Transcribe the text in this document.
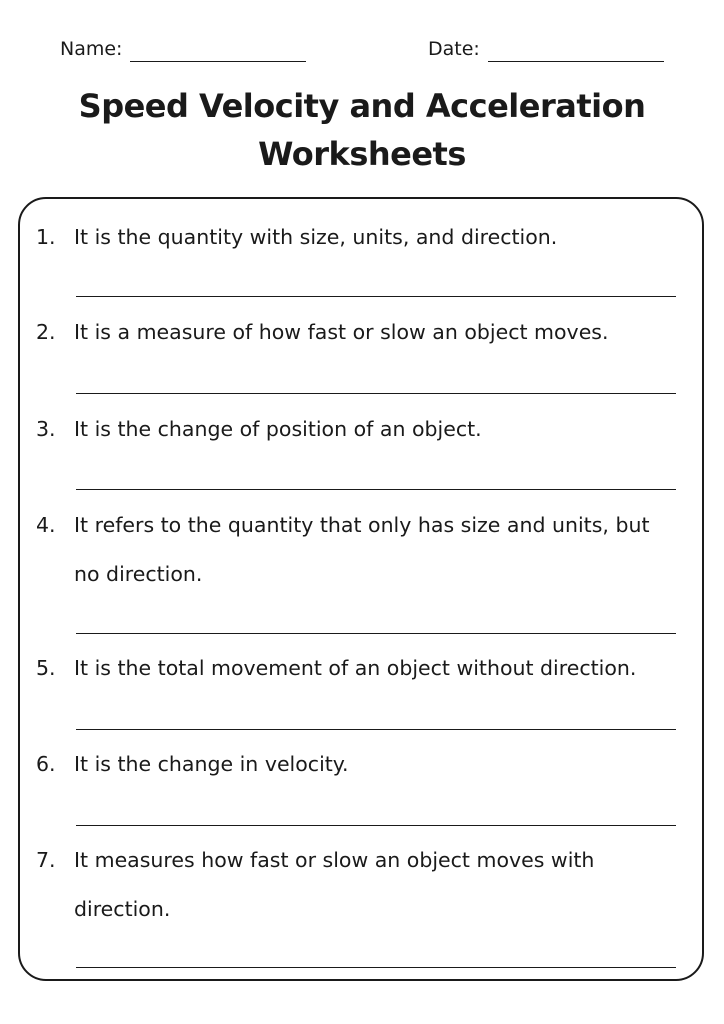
Name:	Date:
Speed Velocity and Acceleration
Worksheets
1. It is the quantity with size, units, and direction.
2. It is a measure of how fast or slow an object moves.
3. It is the change of position of an object.
4. It refers to the quantity that only has size and units, but
no direction.
5. It is the total movement of an object without direction.
6. It is the change in velocity.
7. It measures how fast or slow an object moves with
direction.
